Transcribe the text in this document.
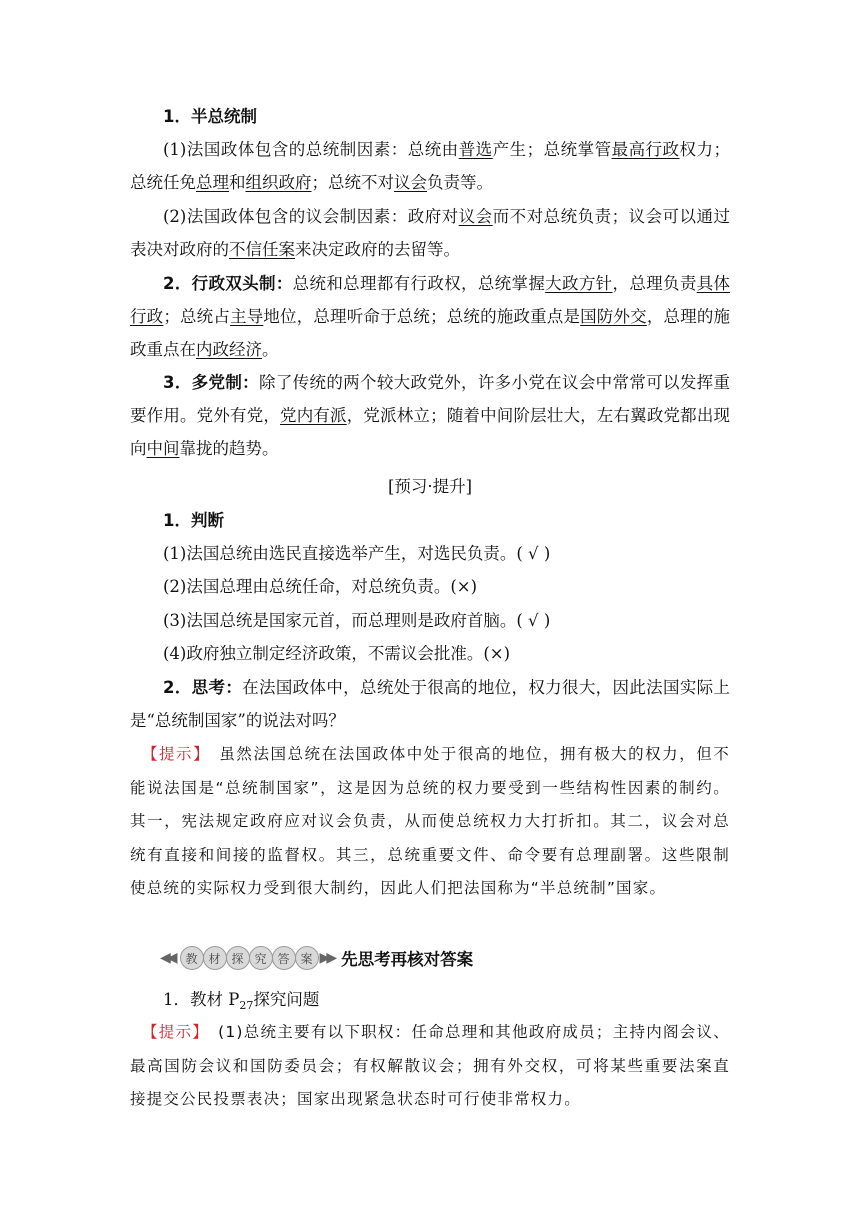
1．半总统制

(1)法国政体包含的总统制因素：总统由普选产生；总统掌管最高行政权力；总统任免总理和组织政府；总统不对议会负责等。

(2)法国政体包含的议会制因素：政府对议会而不对总统负责；议会可以通过表决对政府的不信任案来决定政府的去留等。

2．行政双头制：总统和总理都有行政权，总统掌握大政方针，总理负责具体行政；总统占主导地位，总理听命于总统；总统的施政重点是国防外交，总理的施政重点在内政经济。

3．多党制：除了传统的两个较大政党外，许多小党在议会中常常可以发挥重要作用。党外有党，党内有派，党派林立；随着中间阶层壮大，左右翼政党都出现向中间靠拢的趋势。

[预习·提升]

1．判断

(1)法国总统由选民直接选举产生，对选民负责。( √ )

(2)法国总理由总统任命，对总统负责。(×)

(3)法国总统是国家元首，而总理则是政府首脑。( √ )

(4)政府独立制定经济政策，不需议会批准。(×)

2．思考：在法国政体中，总统处于很高的地位，权力很大，因此法国实际上是“总统制国家”的说法对吗？

【提示】　 虽然法国总统在法国政体中处于很高的地位，拥有极大的权力，但不能说法国是“总统制国家”，这是因为总统的权力要受到一些结构性因素的制约。其一，宪法规定政府应对议会负责，从而使总统权力大打折扣。其二，议会对总统有直接和间接的监督权。其三，总统重要文件、命令要有总理副署。这些限制使总统的实际权力受到很大制约，因此人们把法国称为“半总统制”国家。

◀◀ 教 材 探 究 答 案 ▶▶ 先思考再核对答案

1．教材 $P_{27}$探究问题

【提示】　 (1)总统主要有以下职权：任命总理和其他政府成员；主持内阁会议、最高国防会议和国防委员会；有权解散议会；拥有外交权，可将某些重要法案直接提交公民投票表决；国家出现紧急状态时可行使非常权力。
